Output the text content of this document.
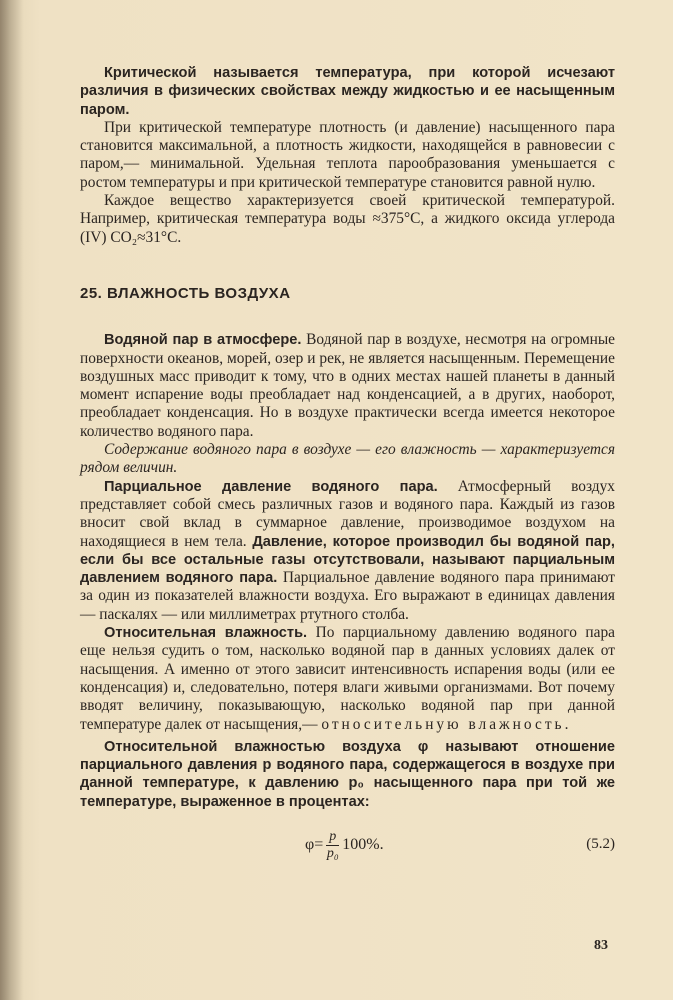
Критической называется температура, при которой исчезают различия в физических свойствах между жидкостью и ее насыщенным паром.

При критической температуре плотность (и давление) насыщенного пара становится максимальной, а плотность жидкости, находящейся в равновесии с паром,— минимальной. Удельная теплота парообразования уменьшается с ростом температуры и при критической температуре становится равной нулю.

Каждое вещество характеризуется своей критической температурой. Например, критическая температура воды ≈375°C, а жидкого оксида углерода (IV) CO₂≈31°C.

25. ВЛАЖНОСТЬ ВОЗДУХА

Водяной пар в атмосфере. Водяной пар в воздухе, несмотря на огромные поверхности океанов, морей, озер и рек, не является насыщенным. Перемещение воздушных масс приводит к тому, что в одних местах нашей планеты в данный момент испарение воды преобладает над конденсацией, а в других, наоборот, преобладает конденсация. Но в воздухе практически всегда имеется некоторое количество водяного пара.

Содержание водяного пара в воздухе — его влажность — характеризуется рядом величин.

Парциальное давление водяного пара. Атмосферный воздух представляет собой смесь различных газов и водяного пара. Каждый из газов вносит свой вклад в суммарное давление, производимое воздухом на находящиеся в нем тела. Давление, которое производил бы водяной пар, если бы все остальные газы отсутствовали, называют парциальным давлением водяного пара. Парциальное давление водяного пара принимают за один из показателей влажности воздуха. Его выражают в единицах давления — паскалях — или миллиметрах ртутного столба.

Относительная влажность. По парциальному давлению водяного пара еще нельзя судить о том, насколько водяной пар в данных условиях далек от насыщения. А именно от этого зависит интенсивность испарения воды (или ее конденсация) и, следовательно, потеря влаги живыми организмами. Вот почему вводят величину, показывающую, насколько водяной пар при данной температуре далек от насыщения,— относительную влажность.

Относительной влажностью воздуха φ называют отношение парциального давления p водяного пара, содержащегося в воздухе при данной температуре, к давлению p₀ насыщенного пара при той же температуре, выраженное в процентах:

$\varphi= \frac{p}{\text{p₀}} 100\%$.	(5.2)
83
